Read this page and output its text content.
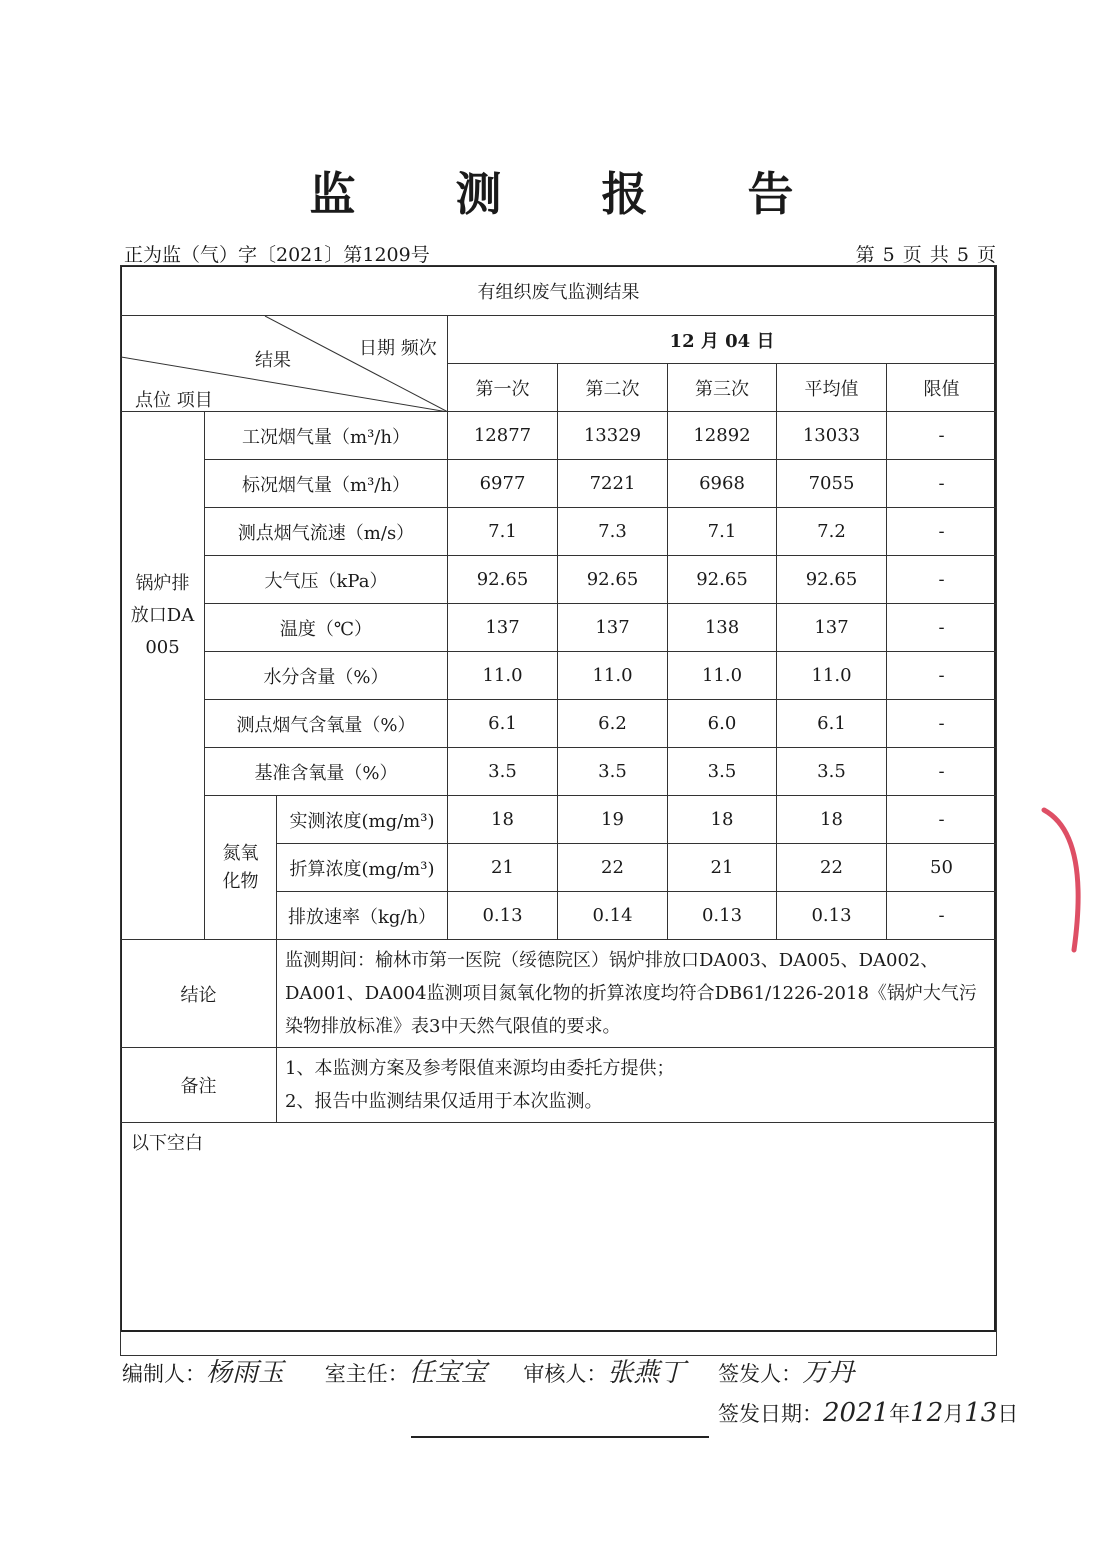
监 测 报 告
正为监（气）字〔2021〕第1209号	第 5 页 共 5 页
有组织废气监测结果							

日期 频次
结果
点位 项目			12 月 04 日				
			第一次	第二次	第三次	平均值	限值
锅炉排放口DA005	工况烟气量（m³/h）		12877	13329	12892	13033	-
	标况烟气量（m³/h）		6977	7221	6968	7055	-
	测点烟气流速（m/s）		7.1	7.3	7.1	7.2	-
	大气压（kPa）		92.65	92.65	92.65	92.65	-
	温度（℃）		137	137	138	137	-
	水分含量（%）		11.0	11.0	11.0	11.0	-
	测点烟气含氧量（%）		6.1	6.2	6.0	6.1	-
	基准含氧量（%）		3.5	3.5	3.5	3.5	-
	氮氧化物	实测浓度(mg/m³)	18	19	18	18	-
		折算浓度(mg/m³)	21	22	21	22	50
		排放速率（kg/h）	0.13	0.14	0.13	0.13	-
结论		监测期间：榆林市第一医院（绥德院区）锅炉排放口DA003、DA005、DA002、DA001、DA004监测项目氮氧化物的折算浓度均符合DB61/1226-2018《锅炉大气污染物排放标准》表3中天然气限值的要求。					
备注		1、本监测方案及参考限值来源均由委托方提供；
2、报告中监测结果仅适用于本次监测。					

以下空白							
编制人：杨雨玉 室主任：任宝宝 审核人：张燕丁 签发人：万丹
签发日期：2021年12月13日
